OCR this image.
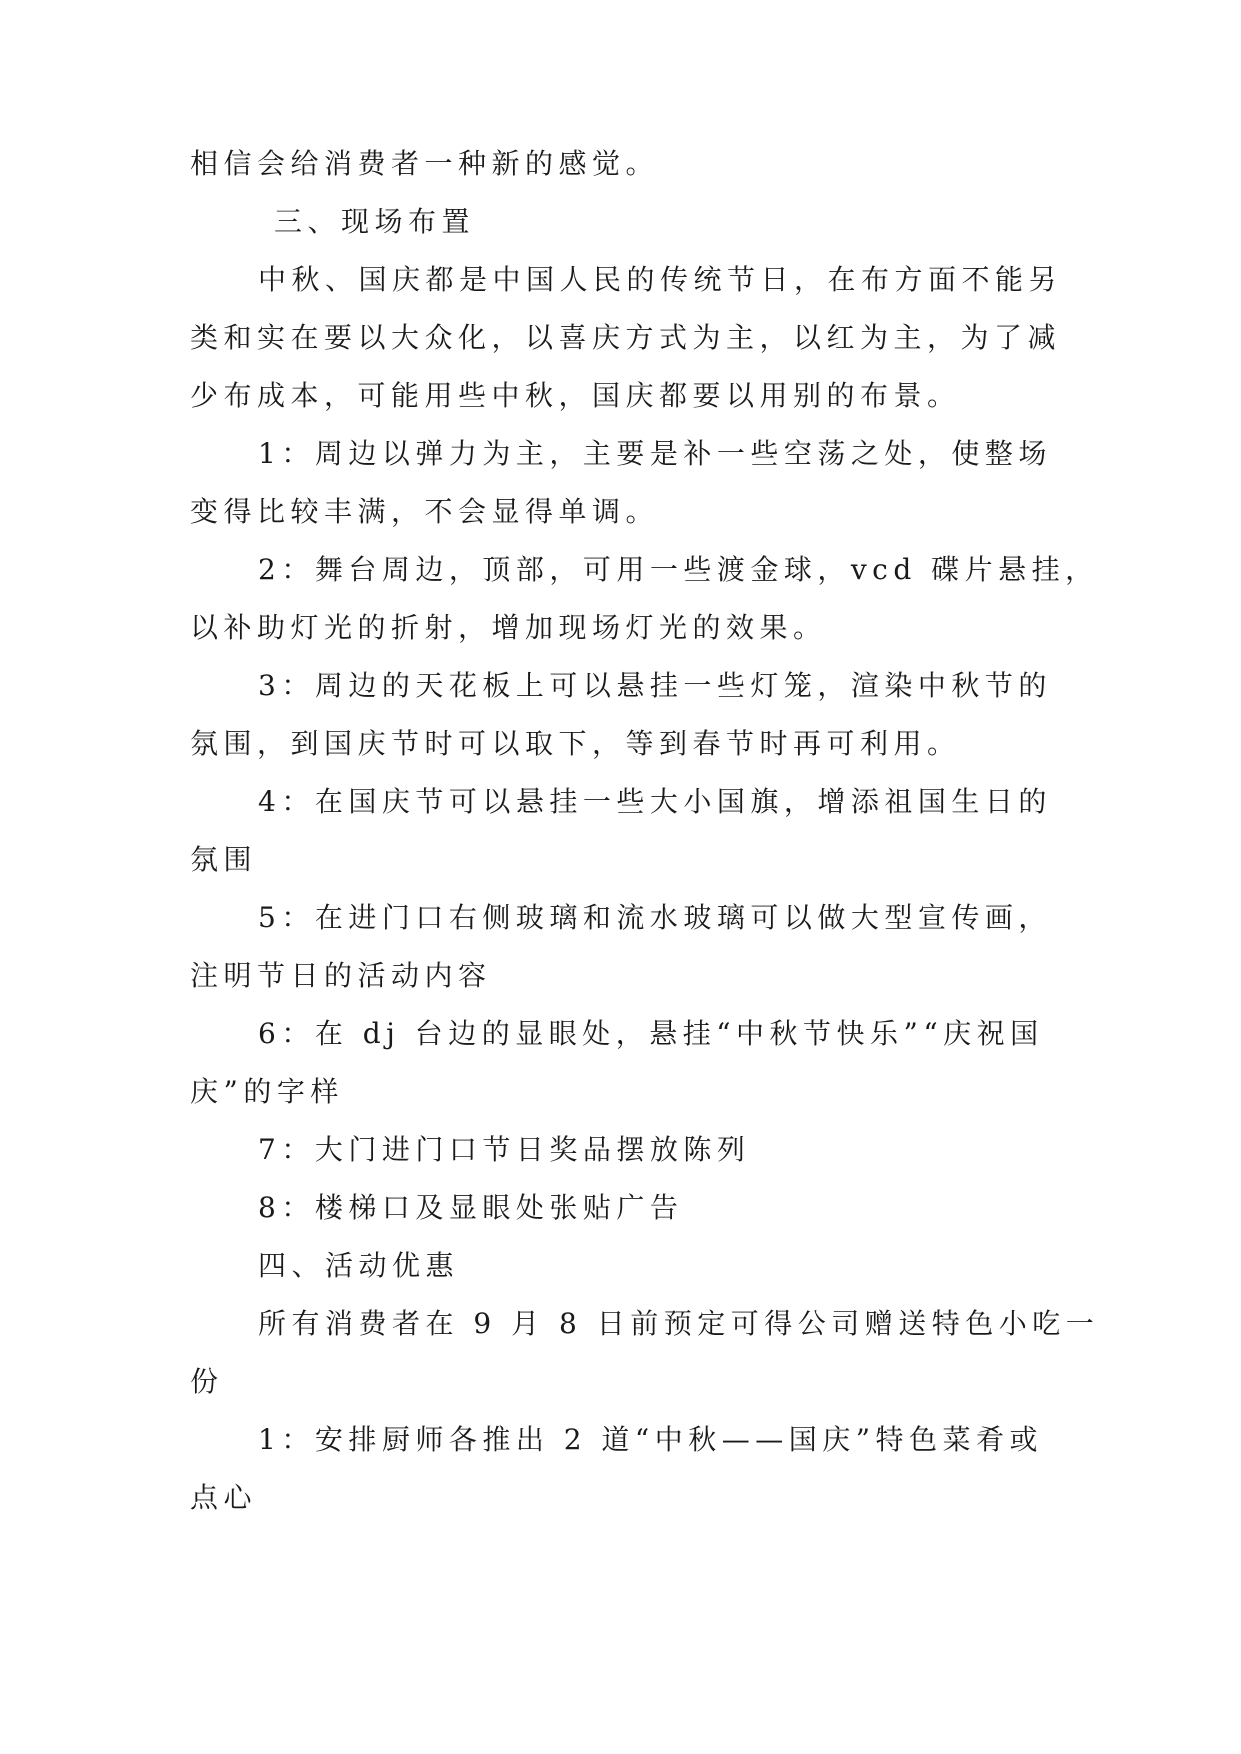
相信会给消费者一种新的感觉。
三、现场布置
中秋、国庆都是中国人民的传统节日，在布方面不能另
类和实在要以大众化，以喜庆方式为主，以红为主，为了减
少布成本，可能用些中秋，国庆都要以用别的布景。
1：周边以弹力为主，主要是补一些空荡之处，使整场
变得比较丰满，不会显得单调。
2：舞台周边，顶部，可用一些渡金球，vcd 碟片悬挂，
以补助灯光的折射，增加现场灯光的效果。
3：周边的天花板上可以悬挂一些灯笼，渲染中秋节的
氛围，到国庆节时可以取下，等到春节时再可利用。
4：在国庆节可以悬挂一些大小国旗，增添祖国生日的
氛围
5：在进门口右侧玻璃和流水玻璃可以做大型宣传画，
注明节日的活动内容
6：在 dj 台边的显眼处，悬挂“中秋节快乐”“庆祝国
庆”的字样
7：大门进门口节日奖品摆放陈列
8：楼梯口及显眼处张贴广告
四、活动优惠
所有消费者在 9 月 8 日前预定可得公司赠送特色小吃一
份
1：安排厨师各推出 2 道“中秋——国庆”特色菜肴或
点心
